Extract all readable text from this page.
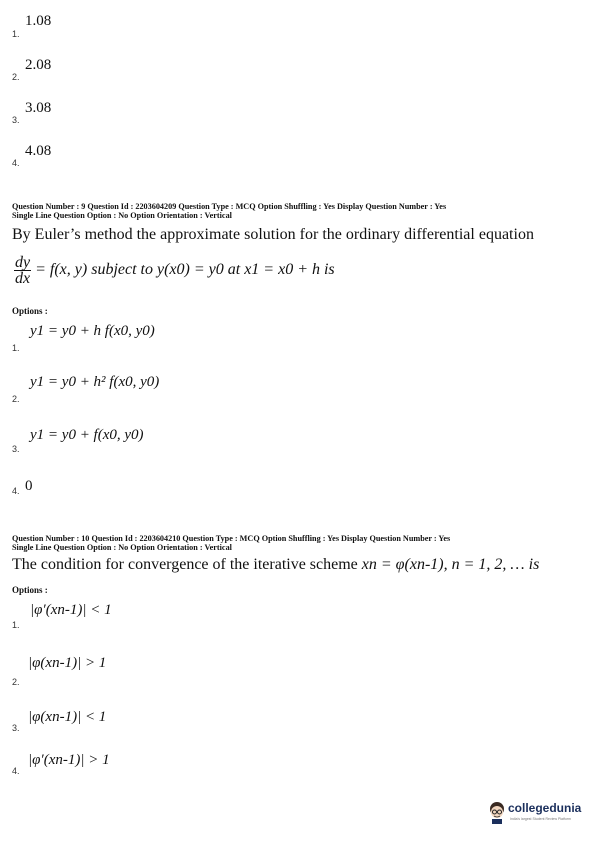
1.
1.08
2.
2.08
3.
3.08
4.
4.08
Question Number : 9 Question Id : 2203604209 Question Type : MCQ Option Shuffling : Yes Display Question Number : Yes
Single Line Question Option : No Option Orientation : Vertical
By Euler’s method the approximate solution for the ordinary differential equation
$\frac{dy}{dx} = f(x$, y) subject to y(x0) = y0 at x1 = x0 + h is
Options :
1.
y1 = y0 + h f(x0, y0)
2.
y1 = y0 + h² f(x0, y0)
3.
y1 = y0 + f(x0, y0)
4. 0
Question Number : 10 Question Id : 2203604210 Question Type : MCQ Option Shuffling : Yes Display Question Number : Yes
Single Line Question Option : No Option Orientation : Vertical
The condition for convergence of the iterative scheme xn = φ(xn-1), n = 1, 2, … is
Options :
1.
|φ′(xn-1)| < 1
2.
|φ(xn-1)| > 1
3.
|φ(xn-1)| < 1
4.
|φ′(xn-1)| > 1
collegedunia
India's largest Student Review Platform
